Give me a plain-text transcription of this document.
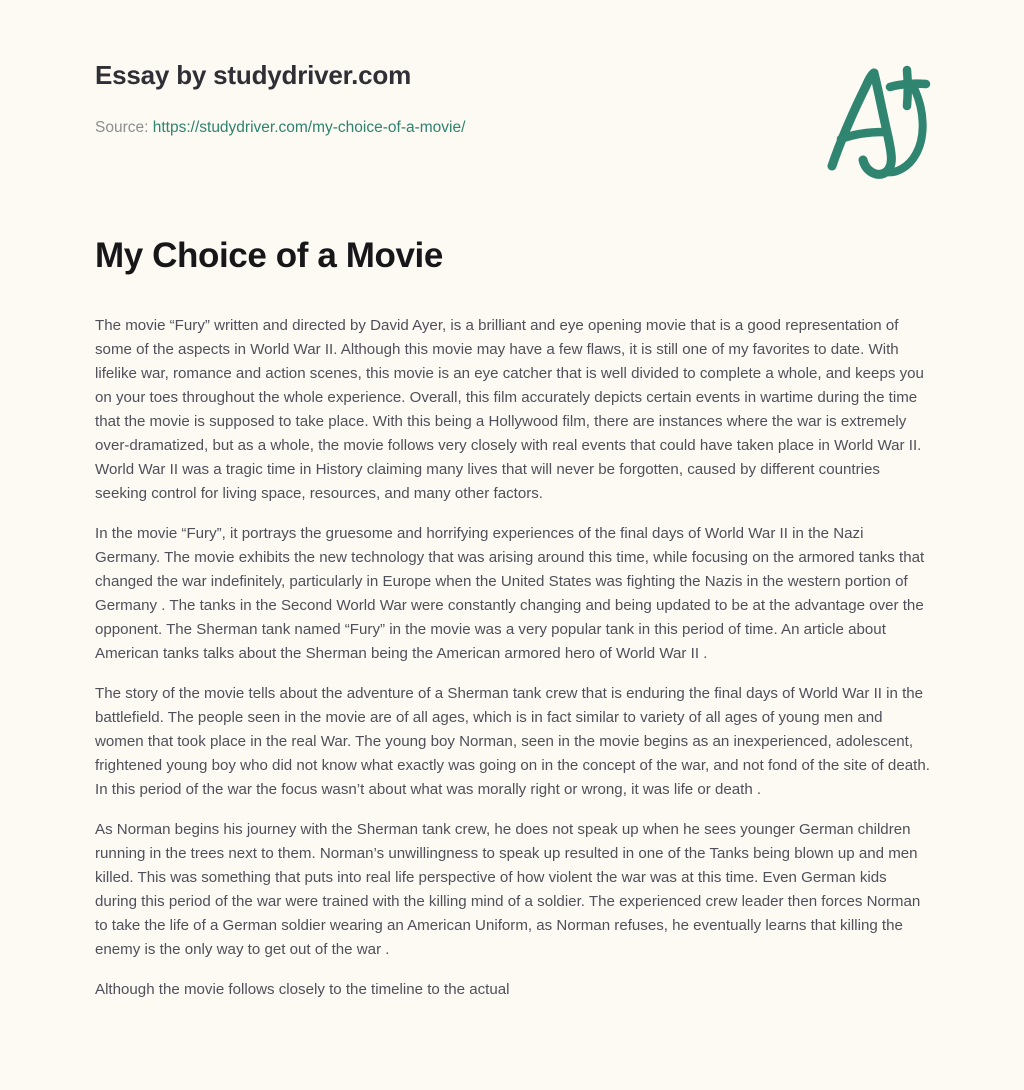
Essay by studydriver.com
Source: https://studydriver.com/my-choice-of-a-movie/
My Choice of a Movie

The movie “Fury” written and directed by David Ayer, is a brilliant and eye opening movie that is a good representation of some of the aspects in World War II. Although this movie may have a few flaws, it is still one of my favorites to date. With lifelike war, romance and action scenes, this movie is an eye catcher that is well divided to complete a whole, and keeps you on your toes throughout the whole experience. Overall, this film accurately depicts certain events in wartime during the time that the movie is supposed to take place. With this being a Hollywood film, there are instances where the war is extremely over-dramatized, but as a whole, the movie follows very closely with real events that could have taken place in World War II. World War II was a tragic time in History claiming many lives that will never be forgotten, caused by different countries seeking control for living space, resources, and many other factors.

In the movie “Fury”, it portrays the gruesome and horrifying experiences of the final days of World War II in the Nazi Germany. The movie exhibits the new technology that was arising around this time, while focusing on the armored tanks that changed the war indefinitely, particularly in Europe when the United States was fighting the Nazis in the western portion of Germany . The tanks in the Second World War were constantly changing and being updated to be at the advantage over the opponent. The Sherman tank named “Fury” in the movie was a very popular tank in this period of time. An article about American tanks talks about the Sherman being the American armored hero of World War II .

The story of the movie tells about the adventure of a Sherman tank crew that is enduring the final days of World War II in the battlefield. The people seen in the movie are of all ages, which is in fact similar to variety of all ages of young men and women that took place in the real War. The young boy Norman, seen in the movie begins as an inexperienced, adolescent, frightened young boy who did not know what exactly was going on in the concept of the war, and not fond of the site of death. In this period of the war the focus wasn’t about what was morally right or wrong, it was life or death .

As Norman begins his journey with the Sherman tank crew, he does not speak up when he sees younger German children running in the trees next to them. Norman’s unwillingness to speak up resulted in one of the Tanks being blown up and men killed. This was something that puts into real life perspective of how violent the war was at this time. Even German kids during this period of the war were trained with the killing mind of a soldier. The experienced crew leader then forces Norman to take the life of a German soldier wearing an American Uniform, as Norman refuses, he eventually learns that killing the enemy is the only way to get out of the war .

Although the movie follows closely to the timeline to the actual
